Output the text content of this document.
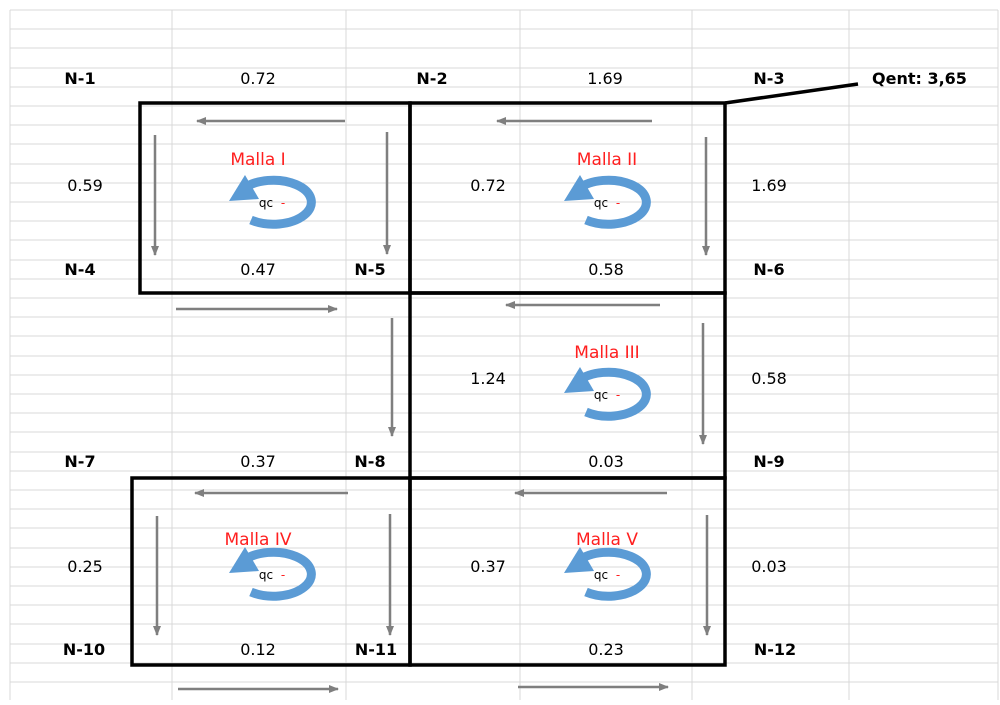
qc -	qc -
qc -
qc -	qc -
N-1	N-2	N-3
N-4	N-5	N-6
N-7	N-8	N-9
N-10	N-11	N-12
0.72	1.69
0.59	0.72	1.69
0.47	0.58
1.24	0.58
0.37	0.03
0.25	0.37	0.03
0.12	0.23
Malla I	Malla II
Malla III
Malla IV	Malla V
Qent: 3,65
